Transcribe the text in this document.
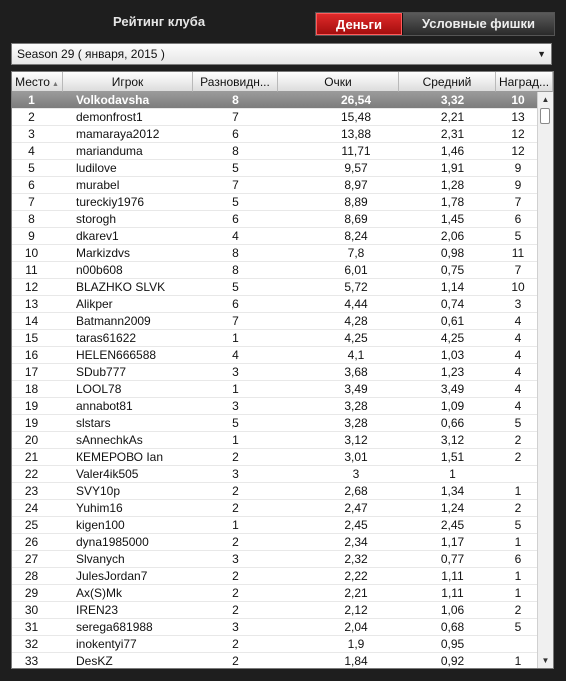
Рейтинг клуба	Деньги	Условные фишки
Season 29 ( января, 2015 )	▼
Место ▲	Игрок	Разновидн...	Очки	Средний	Наград...
1	Volkodavsha	8	26,54	3,32	10
2	demonfrost1	7	15,48	2,21	13
3	mamaraya2012	6	13,88	2,31	12
4	marianduma	8	11,71	1,46	12
5	ludilove	5	9,57	1,91	9
6	murabel	7	8,97	1,28	9
7	tureckiy1976	5	8,89	1,78	7
8	storogh	6	8,69	1,45	6
9	dkarev1	4	8,24	2,06	5
10	Markizdvs	8	7,8	0,98	11
11	n00b608	8	6,01	0,75	7
12	BLAZHKO SLVK	5	5,72	1,14	10
13	Alikper	6	4,44	0,74	3
14	Batmann2009	7	4,28	0,61	4
15	taras61622	1	4,25	4,25	4
16	HELEN666588	4	4,1	1,03	4
17	SDub777	3	3,68	1,23	4
18	LOOL78	1	3,49	3,49	4
19	annabot81	3	3,28	1,09	4
19	slstars	5	3,28	0,66	5
20	sAnnechkAs	1	3,12	3,12	2
21	КЕМЕРОВО Ian	2	3,01	1,51	2
22	Valer4ik505	3	3	1
23	SVY10p	2	2,68	1,34	1
24	Yuhim16	2	2,47	1,24	2
25	kigen100	1	2,45	2,45	5
26	dyna1985000	2	2,34	1,17	1
27	Slvanych	3	2,32	0,77	6
28	JulesJordan7	2	2,22	1,11	1
29	Ax(S)Mk	2	2,21	1,11	1
30	IREN23	2	2,12	1,06	2
31	serega681988	3	2,04	0,68	5
32	inokentyi77	2	1,9	0,95
33	DesKZ	2	1,84	0,92	1
▲
▼
